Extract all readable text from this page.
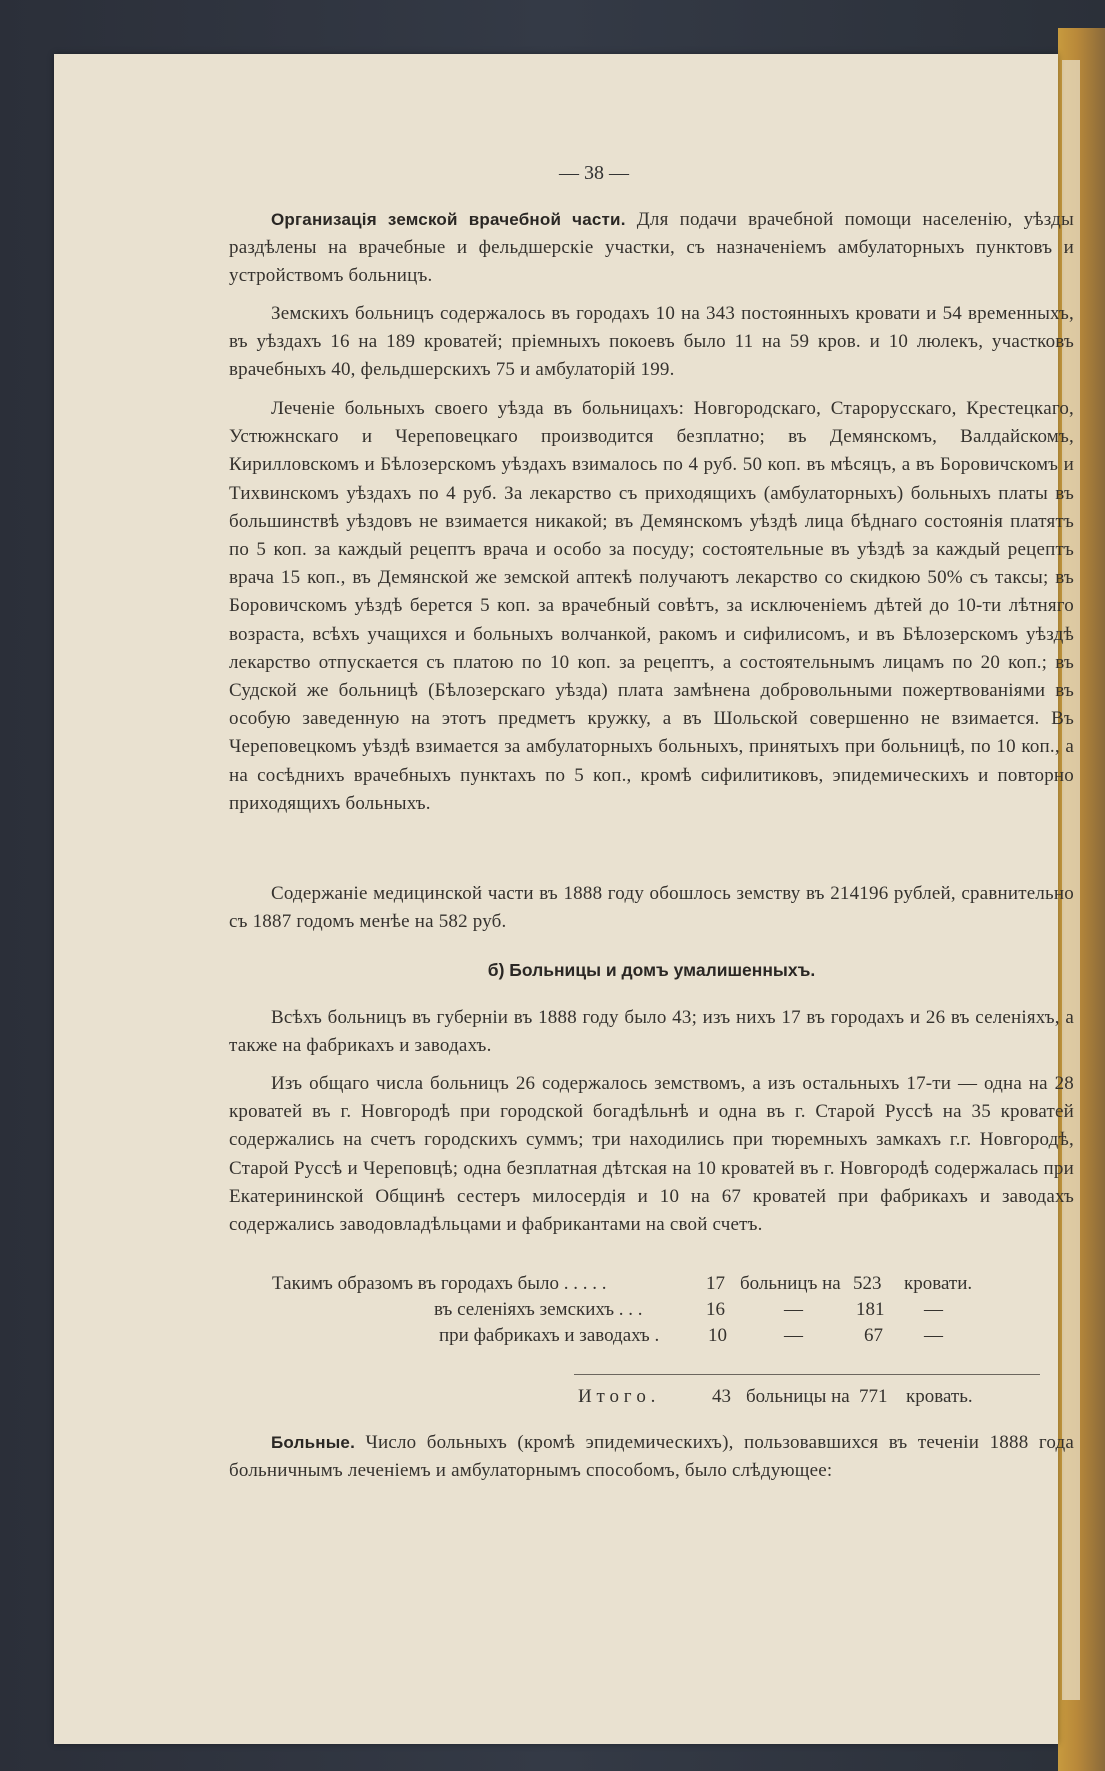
— 38 —

Организація земской врачебной части. Для подачи врачебной помощи населенію, уѣзды раздѣлены на врачебные и фельдшерскіе участки, съ назначеніемъ амбулаторныхъ пунктовъ и устройствомъ больницъ.

Земскихъ больницъ содержалось въ городахъ 10 на 343 постоянныхъ кровати и 54 временныхъ, въ уѣздахъ 16 на 189 кроватей; пріемныхъ покоевъ было 11 на 59 кров. и 10 люлекъ, участковъ врачебныхъ 40, фельдшерскихъ 75 и амбулаторій 199.

Леченіе больныхъ своего уѣзда въ больницахъ: Новгородскаго, Старорусскаго, Крестецкаго, Устюжнскаго и Череповецкаго производится безплатно; въ Демянскомъ, Валдайскомъ, Кирилловскомъ и Бѣлозерскомъ уѣздахъ взималось по 4 руб. 50 коп. въ мѣсяцъ, а въ Боровичскомъ и Тихвинскомъ уѣздахъ по 4 руб. За лекарство съ приходящихъ (амбулаторныхъ) больныхъ платы въ большинствѣ уѣздовъ не взимается никакой; въ Демянскомъ уѣздѣ лица бѣднаго состоянія платятъ по 5 коп. за каждый рецептъ врача и особо за посуду; состоятельные въ уѣздѣ за каждый рецептъ врача 15 коп., въ Демянской же земской аптекѣ получаютъ лекарство со скидкою 50% съ таксы; въ Боровичскомъ уѣздѣ берется 5 коп. за врачебный совѣтъ, за исключеніемъ дѣтей до 10-ти лѣтняго возраста, всѣхъ учащихся и больныхъ волчанкой, ракомъ и сифилисомъ, и въ Бѣлозерскомъ уѣздѣ лекарство отпускается съ платою по 10 коп. за рецептъ, а состоятельнымъ лицамъ по 20 коп.; въ Судской же больницѣ (Бѣлозерскаго уѣзда) плата замѣнена добровольными пожертвованіями въ особую заведенную на этотъ предметъ кружку, а въ Шольской совершенно не взимается. Въ Череповецкомъ уѣздѣ взимается за амбулаторныхъ больныхъ, принятыхъ при больницѣ, по 10 коп., а на сосѣднихъ врачебныхъ пунктахъ по 5 коп., кромѣ сифилитиковъ, эпидемическихъ и повторно приходящихъ больныхъ.

Содержаніе медицинской части въ 1888 году обошлось земству въ 214196 рублей, сравнительно съ 1887 годомъ менѣе на 582 руб.

б) Больницы и домъ умалишенныхъ.

Всѣхъ больницъ въ губерніи въ 1888 году было 43; изъ нихъ 17 въ городахъ и 26 въ селеніяхъ, а также на фабрикахъ и заводахъ.

Изъ общаго числа больницъ 26 содержалось земствомъ, а изъ остальныхъ 17-ти — одна на 28 кроватей въ г. Новгородѣ при городской богадѣльнѣ и одна въ г. Старой Руссѣ на 35 кроватей содержались на счетъ городскихъ суммъ; три находились при тюремныхъ замкахъ г.г. Новгородѣ, Старой Руссѣ и Череповцѣ; одна безплатная дѣтская на 10 кроватей въ г. Новгородѣ содержалась при Екатерининской Общинѣ сестеръ милосердія и 10 на 67 кроватей при фабрикахъ и заводахъ содержались заводовладѣльцами и фабрикантами на свой счетъ.

Такимъ образомъ въ городахъ было . . . . .	17 больницъ на 523 кровати.
въ селеніяхъ земскихъ . . .	16	—	181 —
при фабрикахъ и заводахъ .	10	—	67 —
И т о г о .	43 больницы на 771 кровать.

Больные. Число больныхъ (кромѣ эпидемическихъ), пользовавшихся въ теченіи 1888 года больничнымъ леченіемъ и амбулаторнымъ способомъ, было слѣдующее:
